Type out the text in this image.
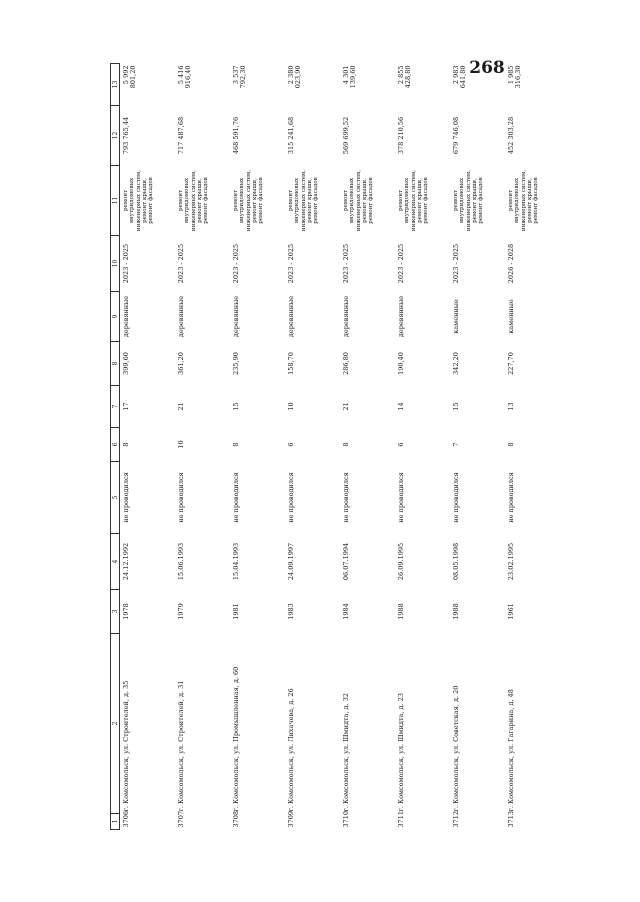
268
1	2	3	4	5	6	7	8	9	10	11	12	13
3706	г. Комсомольск, ул. Строителей, д. 35	1978	24.12.1992	не проводился	8	17	399,60	деревянные	2023 - 2025	ремонт внутридомовых инженерных систем, ремонт крыши, ремонт фасадов	793 765,44	5 992 801,20
3707	г. Комсомольск, ул. Строителей, д. 31	1979	15.06.1993	не проводился	10	21	361,20	деревянные	2023 - 2025	ремонт внутридомовых инженерных систем, ремонт крыши, ремонт фасадов	717 487,68	5 416 916,40
3708	г. Комсомольск, ул. Промышленная, д. 60	1981	15.04.1993	не проводился	8	15	235,90	деревянные	2023 - 2025	ремонт внутридомовых инженерных систем, ремонт крыши, ремонт фасадов	468 591,76	3 537 792,30
3709	г. Комсомольск, ул. Лихачева, д. 26	1983	24.09.1997	не проводился	6	10	158,70	деревянные	2023 - 2025	ремонт внутридомовых инженерных систем, ремонт крыши, ремонт фасадов	315 241,68	2 380 023,90
3710	г. Комсомольск, ул. Шмидта, д. 32	1984	06.07.1994	не проводился	8	21	286,80	деревянные	2023 - 2025	ремонт внутридомовых инженерных систем, ремонт крыши, ремонт фасадов	569 699,52	4 301 139,60
3711	г. Комсомольск, ул. Шмидта, д. 23	1988	26.09.1995	не проводился	6	14	190,40	деревянные	2023 - 2025	ремонт внутридомовых инженерных систем, ремонт крыши, ремонт фасадов	378 210,56	2 855 428,80
3712	г. Комсомольск, ул. Советская, д. 20	1988	08.05.1998	не проводился	7	15	342,20	каменные	2023 - 2025	ремонт внутридомовых инженерных систем, ремонт крыши, ремонт фасадов	679 746,08	2 983 641,80
3713	г. Комсомольск, ул. Гагарина, д. 48	1961	23.02.1995	не проводился	8	13	227,70	каменные	2026 - 2028	ремонт внутридомовых инженерных систем, ремонт крыши, ремонт фасадов	452 303,28	1 985 316,30
